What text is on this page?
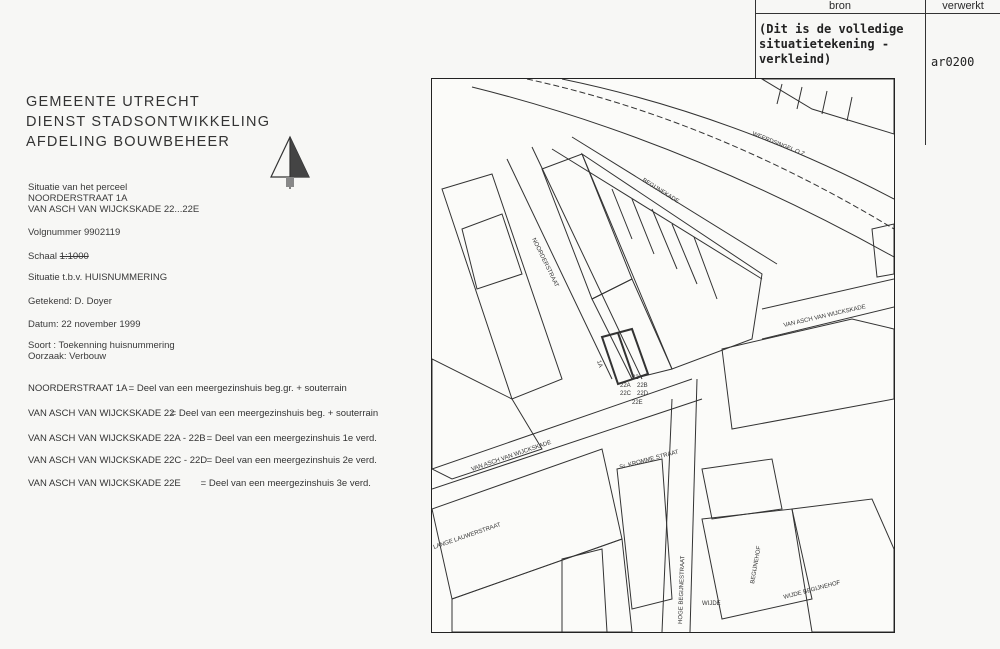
bron	verwerkt
(Dit is de volledige
situatietekening -
verkleind)	ar0200
GEMEENTE UTRECHT
DIENST STADSONTWIKKELING
AFDELING BOUWBEHEER
Situatie van het perceel
NOORDERSTRAAT 1A
VAN ASCH VAN WIJCKSKADE 22...22E
Volgnummer 9902119
Schaal 1:1000
Situatie t.b.v. HUISNUMMERING
Getekend: D. Doyer
Datum: 22 november 1999
Soort : Toekenning huisnummering
Oorzaak: Verbouw
NOORDERSTRAAT 1A = Deel van een meergezinshuis beg.gr. + souterrain
VAN ASCH VAN WIJCKSKADE 22 = Deel van een meergezinshuis beg. + souterrain
VAN ASCH VAN WIJCKSKADE 22A - 22B = Deel van een meergezinshuis 1e verd.
VAN ASCH VAN WIJCKSKADE 22C - 22D = Deel van een meergezinshuis 2e verd.
VAN ASCH VAN WIJCKSKADE 22E = Deel van een meergezinshuis 3e verd.
WEERDSINGEL O.Z.
BEGIJNEKADE
NOORDERSTRAAT
VAN ASCH VAN WIJCKSKADE
VAN ASCH VAN WIJCKSKADE
LANGE LAUWERSTRAAT
Sr. KROMME STRAAT
HOGE BEGIJNESTRAAT	BEGIJNEHOF
WIJDE BEGIJNEHOF
WIJDE
1A
22
22A 22B
22C 22D
22E
